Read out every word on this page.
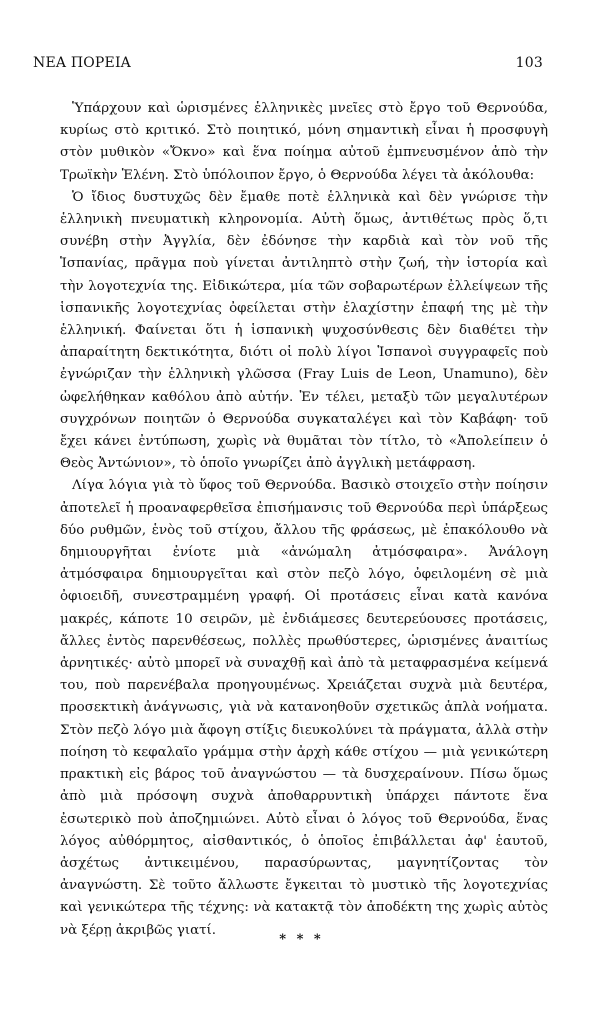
ΝΕΑ ΠΟΡΕΙΑ	103

Ὑπάρχουν καὶ ὡρισμένες ἑλληνικὲς μνεῖες στὸ ἔργο τοῦ Θερνούδα, κυρίως στὸ κριτικό. Στὸ ποιητικό, μόνη σημαντικὴ εἶναι ἡ προσφυγὴ στὸν μυθικὸν «Ὄκνο» καὶ ἕνα ποίημα αὐτοῦ ἐμπνευσμένον ἀπὸ τὴν Τρωϊκὴν Ἑλένη. Στὸ ὑπόλοιπον ἔργο, ὁ Θερνούδα λέγει τὰ ἀκόλουθα:

Ὁ ἴδιος δυστυχῶς δὲν ἔμαθε ποτὲ ἑλληνικὰ καὶ δὲν γνώρισε τὴν ἑλληνικὴ πνευματικὴ κληρονομία. Αὐτὴ ὅμως, ἀντιθέτως πρὸς ὅ,τι συνέβη στὴν Ἀγγλία, δὲν ἐδόνησε τὴν καρδιὰ καὶ τὸν νοῦ τῆς Ἱσπανίας, πρᾶγμα ποὺ γίνεται ἀντιληπτὸ στὴν ζωή, τὴν ἱστορία καὶ τὴν λογοτεχνία της. Εἰδικώτερα, μία τῶν σοβαρωτέρων ἐλλείψεων τῆς ἱσπανικῆς λογοτεχνίας ὀφείλεται στὴν ἐλαχίστην ἐπαφή της μὲ τὴν ἑλληνική. Φαίνεται ὅτι ἡ ἱσπανικὴ ψυχοσύνθεσις δὲν διαθέτει τὴν ἀπαραίτητη δεκτικότητα, διότι οἱ πολὺ λίγοι Ἱσπανοὶ συγγραφεῖς ποὺ ἐγνώριζαν τὴν ἑλληνικὴ γλῶσσα (Fray Luis de Leon, Unamuno), δὲν ὠφελήθηκαν καθόλου ἀπὸ αὐτήν. Ἐν τέλει, μεταξὺ τῶν μεγαλυτέρων συγχρόνων ποιητῶν ὁ Θερνούδα συγκαταλέγει καὶ τὸν Καβάφη· τοῦ ἔχει κάνει ἐντύπωση, χωρὶς νὰ θυμᾶται τὸν τίτλο, τὸ «Ἀπολείπειν ὁ Θεὸς Ἀντώνιον», τὸ ὁποῖο γνωρίζει ἀπὸ ἀγγλικὴ μετάφραση.

Λίγα λόγια γιὰ τὸ ὕφος τοῦ Θερνούδα. Βασικὸ στοιχεῖο στὴν ποίησιν ἀποτελεῖ ἡ προαναφερθεῖσα ἐπισήμανσις τοῦ Θερνούδα περὶ ὑπάρξεως δύο ρυθμῶν, ἑνὸς τοῦ στίχου, ἄλλου τῆς φράσεως, μὲ ἐπακόλουθο νὰ δημιουργῆται ἐνίοτε μιὰ «ἀνώμαλη ἀτμόσφαιρα». Ἀνάλογη ἀτμόσφαιρα δημιουργεῖται καὶ στὸν πεζὸ λόγο, ὀφειλομένη σὲ μιὰ ὀφιοειδῆ, συνεστραμμένη γραφή. Οἱ προτάσεις εἶναι κατὰ κανόνα μακρές, κάποτε 10 σειρῶν, μὲ ἐνδιάμεσες δευτερεύουσες προτάσεις, ἄλλες ἐντὸς παρενθέσεως, πολλὲς πρωθύστερες, ὡρισμένες ἀναιτίως ἀρνητικές· αὐτὸ μπορεῖ νὰ συναχθῇ καὶ ἀπὸ τὰ μεταφρασμένα κείμενά του, ποὺ παρενέβαλα προηγουμένως. Χρειάζεται συχνὰ μιὰ δευτέρα, προσεκτικὴ ἀνάγνωσις, γιὰ νὰ κατανοηθοῦν σχετικῶς ἁπλὰ νοήματα. Στὸν πεζὸ λόγο μιὰ ἄφογη στίξις διευκολύνει τὰ πράγματα, ἀλλὰ στὴν ποίηση τὸ κεφαλαῖο γράμμα στὴν ἀρχὴ κάθε στίχου — μιὰ γενικώτερη πρακτικὴ εἰς βάρος τοῦ ἀναγνώστου — τὰ δυσχεραίνουν. Πίσω ὅμως ἀπὸ μιὰ πρόσοψη συχνὰ ἀποθαρρυντικὴ ὑπάρχει πάντοτε ἕνα ἐσωτερικὸ ποὺ ἀποζημιώνει. Αὐτὸ εἶναι ὁ λόγος τοῦ Θερνούδα, ἕνας λόγος αὐθόρμητος, αἰσθαντικός, ὁ ὁποῖος ἐπιβάλλεται ἀφ' ἑαυτοῦ, ἀσχέτως ἀντικειμένου, παρασύρωντας, μαγνητίζοντας τὸν ἀναγνώστη. Σὲ τοῦτο ἄλλωστε ἔγκειται τὸ μυστικὸ τῆς λογοτεχνίας καὶ γενικώτερα τῆς τέχνης: νὰ κατακτᾷ τὸν ἀποδέκτη της χωρὶς αὐτὸς νὰ ξέρῃ ἀκριβῶς γιατί.

* * *
